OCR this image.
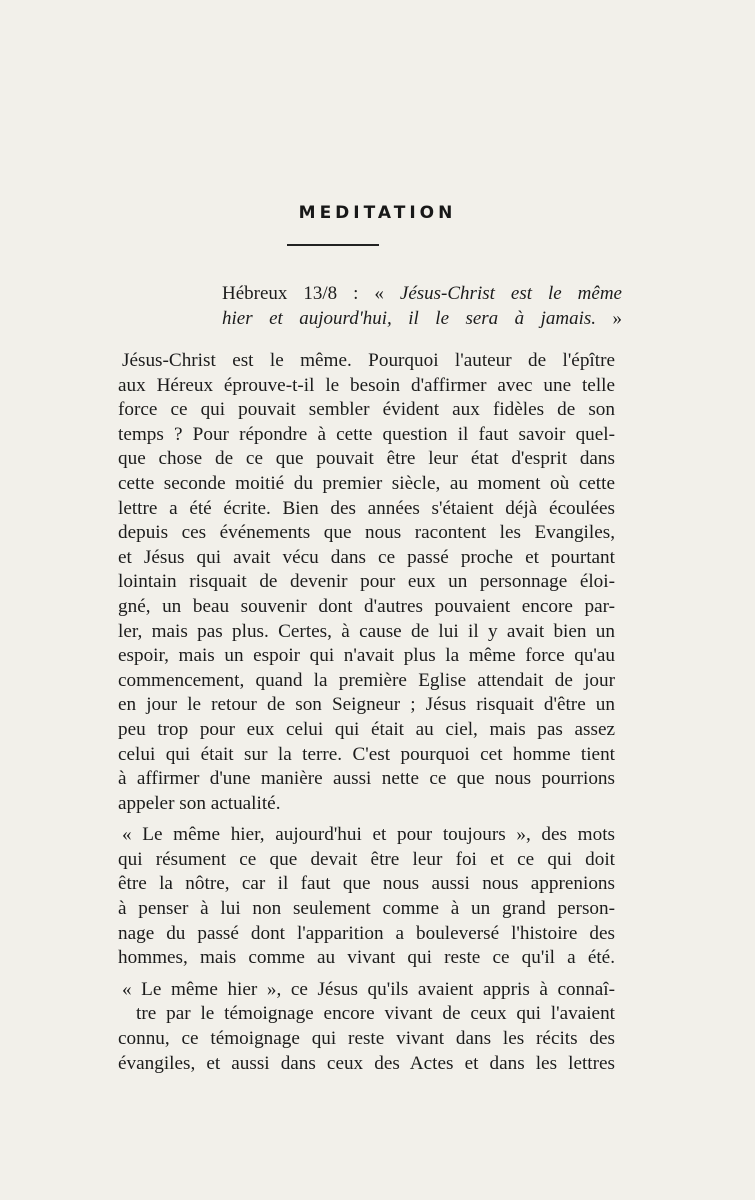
MEDITATION
Hébreux 13/8 : « Jésus-Christ est le même
hier et aujourd'hui, il le sera à jamais. »
Jésus-Christ est le même. Pourquoi l'auteur de l'épître
aux Héreux éprouve-t-il le besoin d'affirmer avec une telle
force ce qui pouvait sembler évident aux fidèles de son
temps ? Pour répondre à cette question il faut savoir quel-
que chose de ce que pouvait être leur état d'esprit dans
cette seconde moitié du premier siècle, au moment où cette
lettre a été écrite. Bien des années s'étaient déjà écoulées
depuis ces événements que nous racontent les Evangiles,
et Jésus qui avait vécu dans ce passé proche et pourtant
lointain risquait de devenir pour eux un personnage éloi-
gné, un beau souvenir dont d'autres pouvaient encore par-
ler, mais pas plus. Certes, à cause de lui il y avait bien un
espoir, mais un espoir qui n'avait plus la même force qu'au
commencement, quand la première Eglise attendait de jour
en jour le retour de son Seigneur ; Jésus risquait d'être un
peu trop pour eux celui qui était au ciel, mais pas assez
celui qui était sur la terre. C'est pourquoi cet homme tient
à affirmer d'une manière aussi nette ce que nous pourrions
appeler son actualité.
« Le même hier, aujourd'hui et pour toujours », des mots
qui résument ce que devait être leur foi et ce qui doit
être la nôtre, car il faut que nous aussi nous apprenions
à penser à lui non seulement comme à un grand person-
nage du passé dont l'apparition a bouleversé l'histoire des
hommes, mais comme au vivant qui reste ce qu'il a été.
« Le même hier », ce Jésus qu'ils avaient appris à connaî-
tre par le témoignage encore vivant de ceux qui l'avaient
connu, ce témoignage qui reste vivant dans les récits des
évangiles, et aussi dans ceux des Actes et dans les lettres
